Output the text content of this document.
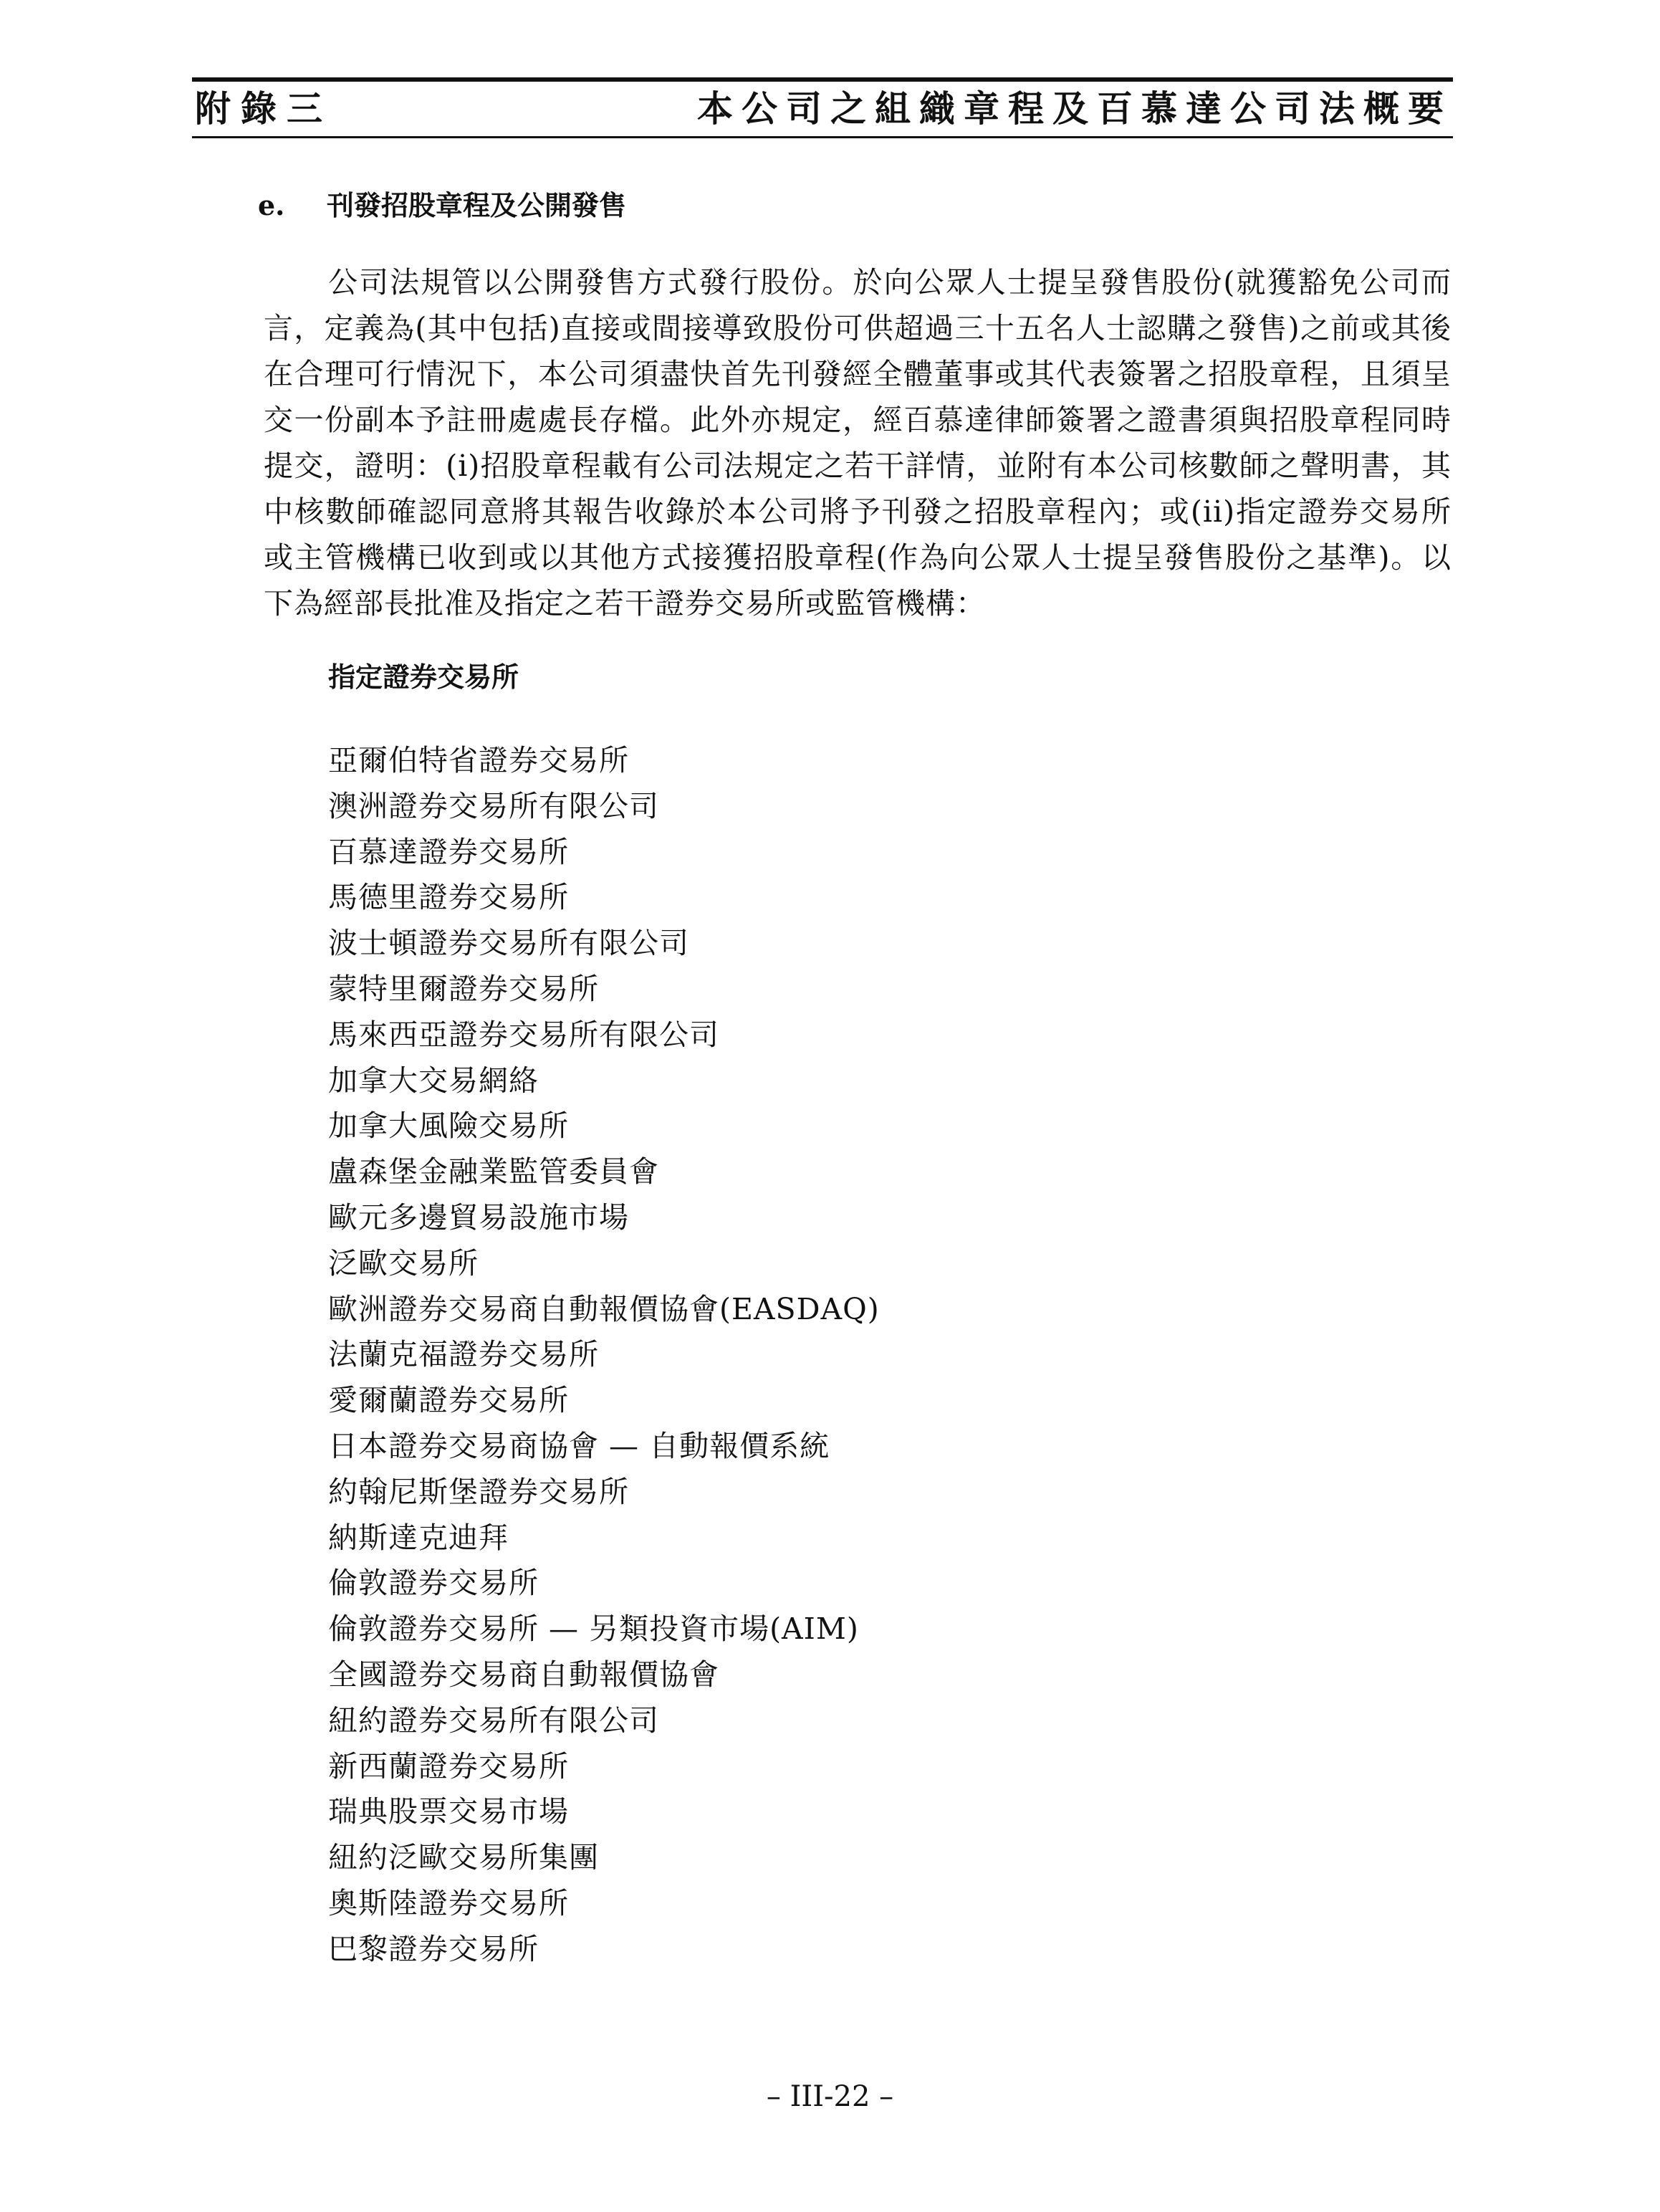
附錄三	本公司之組織章程及百慕達公司法概要
e. 刊發招股章程及公開發售

公司法規管以公開發售方式發行股份。於向公眾人士提呈發售股份(就獲豁免公司而言，定義為(其中包括)直接或間接導致股份可供超過三十五名人士認購之發售)之前或其後在合理可行情況下，本公司須盡快首先刊發經全體董事或其代表簽署之招股章程，且須呈交一份副本予註冊處處長存檔。此外亦規定，經百慕達律師簽署之證書須與招股章程同時提交，證明：(i)招股章程載有公司法規定之若干詳情，並附有本公司核數師之聲明書，其中核數師確認同意將其報告收錄於本公司將予刊發之招股章程內；或(ii)指定證券交易所或主管機構已收到或以其他方式接獲招股章程(作為向公眾人士提呈發售股份之基準)。以下為經部長批准及指定之若干證券交易所或監管機構：

指定證券交易所
亞爾伯特省證券交易所
澳洲證券交易所有限公司
百慕達證券交易所
馬德里證券交易所
波士頓證券交易所有限公司
蒙特里爾證券交易所
馬來西亞證券交易所有限公司
加拿大交易網絡
加拿大風險交易所
盧森堡金融業監管委員會
歐元多邊貿易設施市場
泛歐交易所
歐洲證券交易商自動報價協會(EASDAQ)
法蘭克福證券交易所
愛爾蘭證券交易所
日本證券交易商協會 — 自動報價系統
約翰尼斯堡證券交易所
納斯達克迪拜
倫敦證券交易所
倫敦證券交易所 — 另類投資市場(AIM)
全國證券交易商自動報價協會
紐約證券交易所有限公司
新西蘭證券交易所
瑞典股票交易市場
紐約泛歐交易所集團
奧斯陸證券交易所
巴黎證券交易所
– III-22 –
